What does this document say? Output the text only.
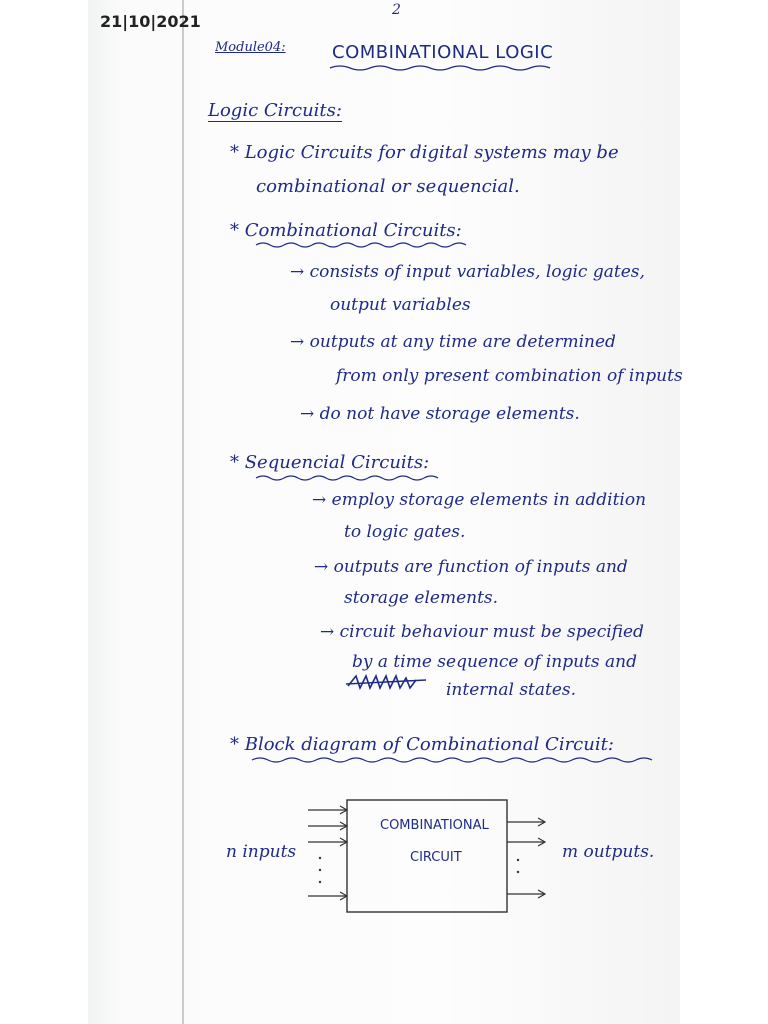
21|10|2021
2
Module04:	COMBINATIONAL LOGIC
Logic Circuits:
* Logic Circuits for digital systems may be
combinational or sequencial.
* Combinational Circuits:
→ consists of input variables, logic gates,
output variables
→ outputs at any time are determined
from only present combination of inputs
→ do not have storage elements.
* Sequencial Circuits:
→ employ storage elements in addition
to logic gates.
→ outputs are function of inputs and
storage elements.
→ circuit behaviour must be specified
by a time sequence of inputs and
internal states.
* Block diagram of Combinational Circuit:
COMBINATIONAL
CIRCUIT
n inputs	m outputs.
